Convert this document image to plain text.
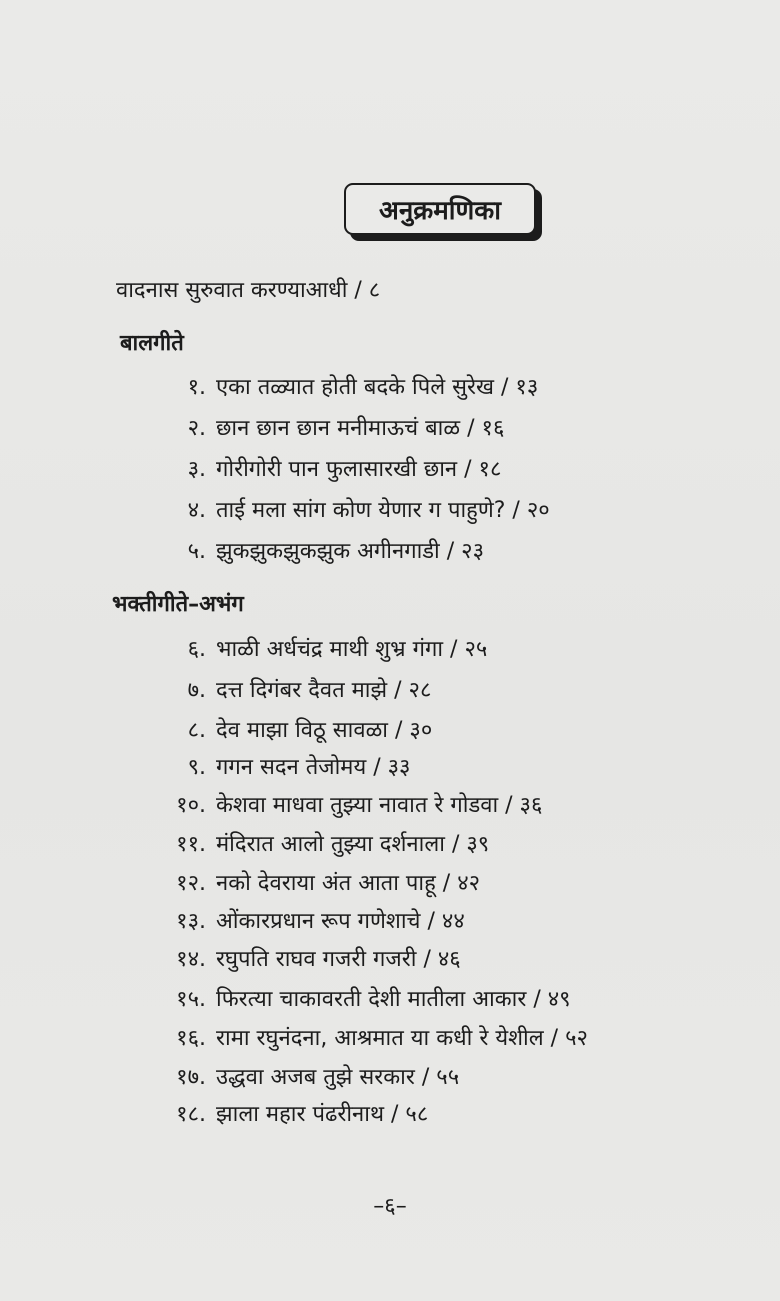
अनुक्रमणिका
वादनास सुरुवात करण्याआधी / ८
बालगीते
१. एका तळ्यात होती बदके पिले सुरेख / १३
२. छान छान छान मनीमाऊचं बाळ / १६
३. गोरीगोरी पान फुलासारखी छान / १८
४. ताई मला सांग कोण येणार ग पाहुणे? / २०
५. झुकझुकझुकझुक अगीनगाडी / २३
भक्तीगीते–अभंग
६. भाळी अर्धचंद्र माथी शुभ्र गंगा / २५
७. दत्त दिगंबर दैवत माझे / २८
८. देव माझा विठू सावळा / ३०
९. गगन सदन तेजोमय / ३३
१०. केशवा माधवा तुझ्या नावात रे गोडवा / ३६
११. मंदिरात आलो तुझ्या दर्शनाला / ३९
१२. नको देवराया अंत आता पाहू / ४२
१३. ओंकारप्रधान रूप गणेशाचे / ४४
१४. रघुपति राघव गजरी गजरी / ४६
१५. फिरत्या चाकावरती देशी मातीला आकार / ४९
१६. रामा रघुनंदना, आश्रमात या कधी रे येशील / ५२
१७. उद्धवा अजब तुझे सरकार / ५५
१८. झाला महार पंढरीनाथ / ५८
–६–
